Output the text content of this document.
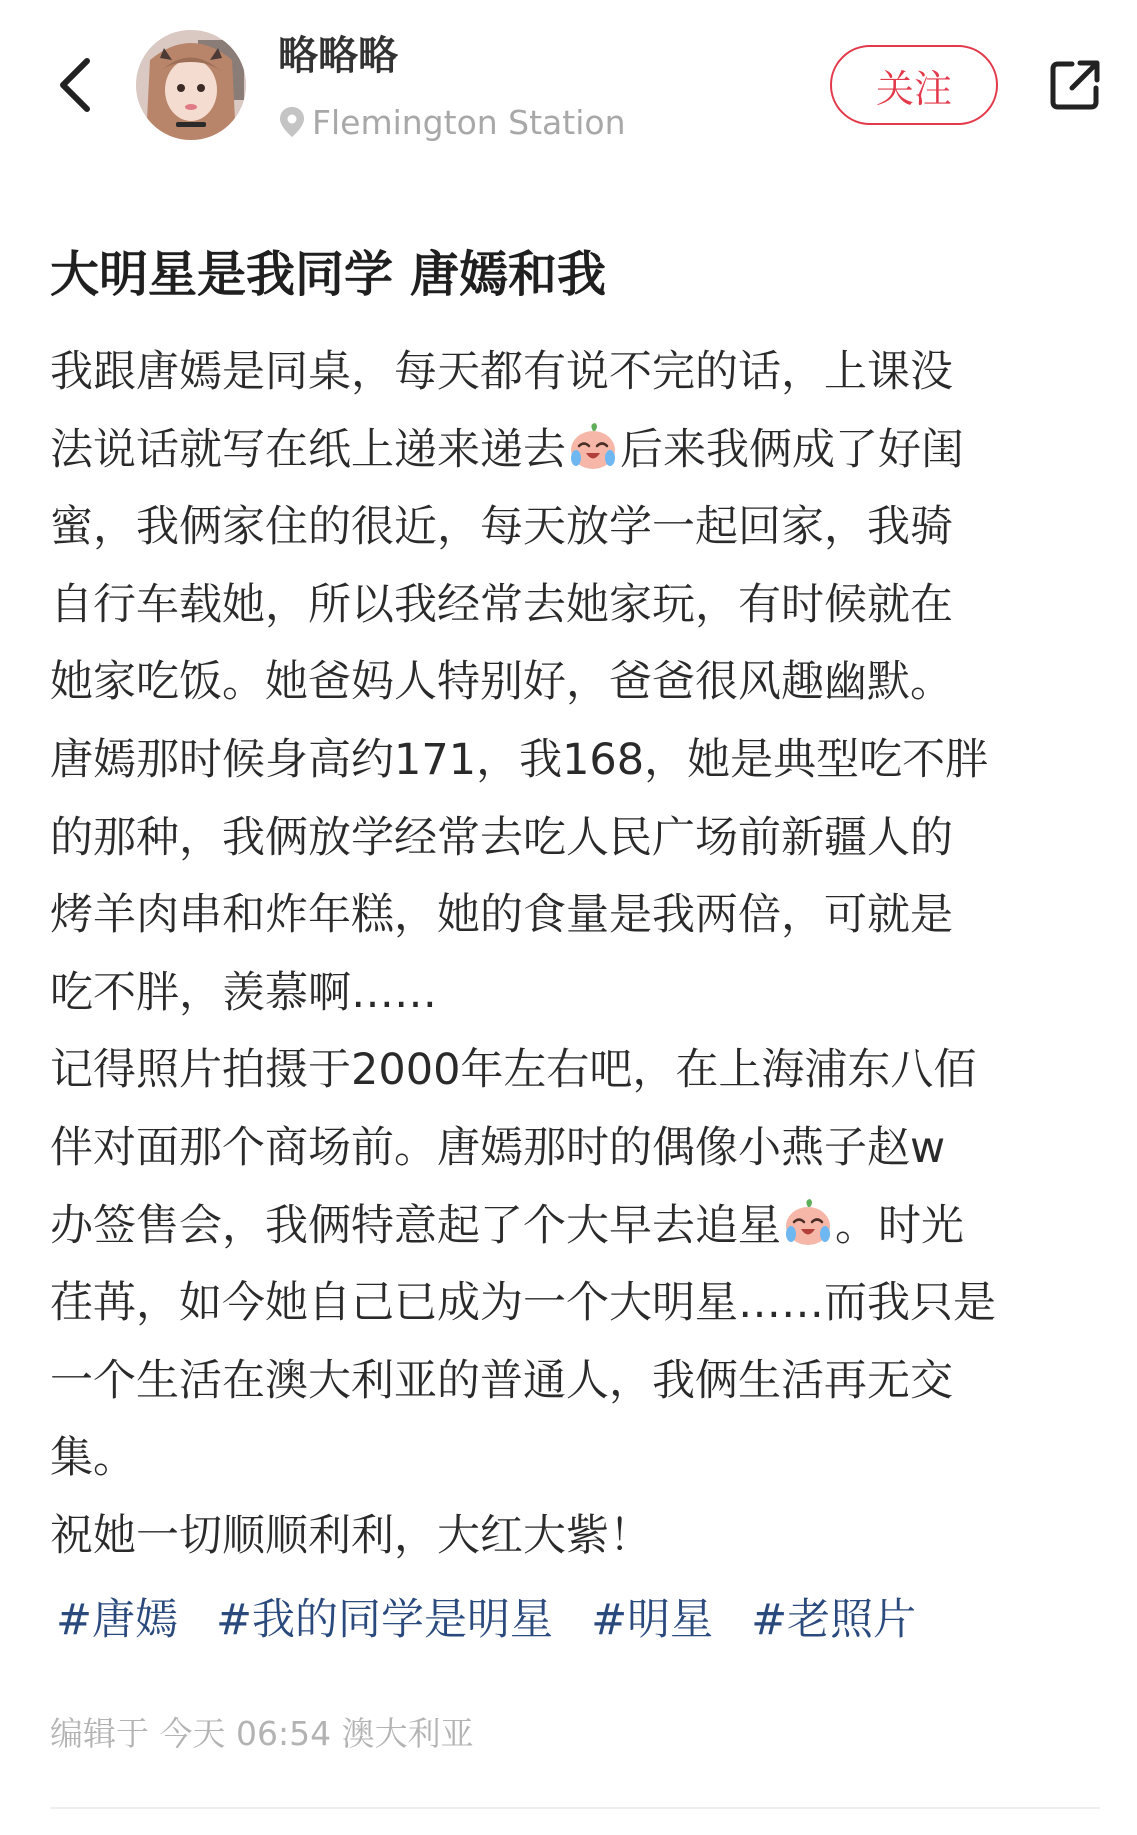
略略略
Flemington Station
关注
大明星是我同学 唐嫣和我
我跟唐嫣是同桌，每天都有说不完的话，上课没
法说话就写在纸上递来递去 后来我俩成了好闺
蜜，我俩家住的很近，每天放学一起回家，我骑
自行车载她，所以我经常去她家玩，有时候就在
她家吃饭。她爸妈人特别好，爸爸很风趣幽默。
唐嫣那时候身高约171，我168，她是典型吃不胖
的那种，我俩放学经常去吃人民广场前新疆人的
烤羊肉串和炸年糕，她的食量是我两倍，可就是
吃不胖，羡慕啊……
记得照片拍摄于2000年左右吧，在上海浦东八佰
伴对面那个商场前。唐嫣那时的偶像小燕子赵w
办签售会，我俩特意起了个大早去追星 。时光
荏苒，如今她自己已成为一个大明星……而我只是
一个生活在澳大利亚的普通人，我俩生活再无交
集。
祝她一切顺顺利利，大红大紫！
#唐嫣 #我的同学是明星 #明星 #老照片
编辑于 今天 06:54 澳大利亚
